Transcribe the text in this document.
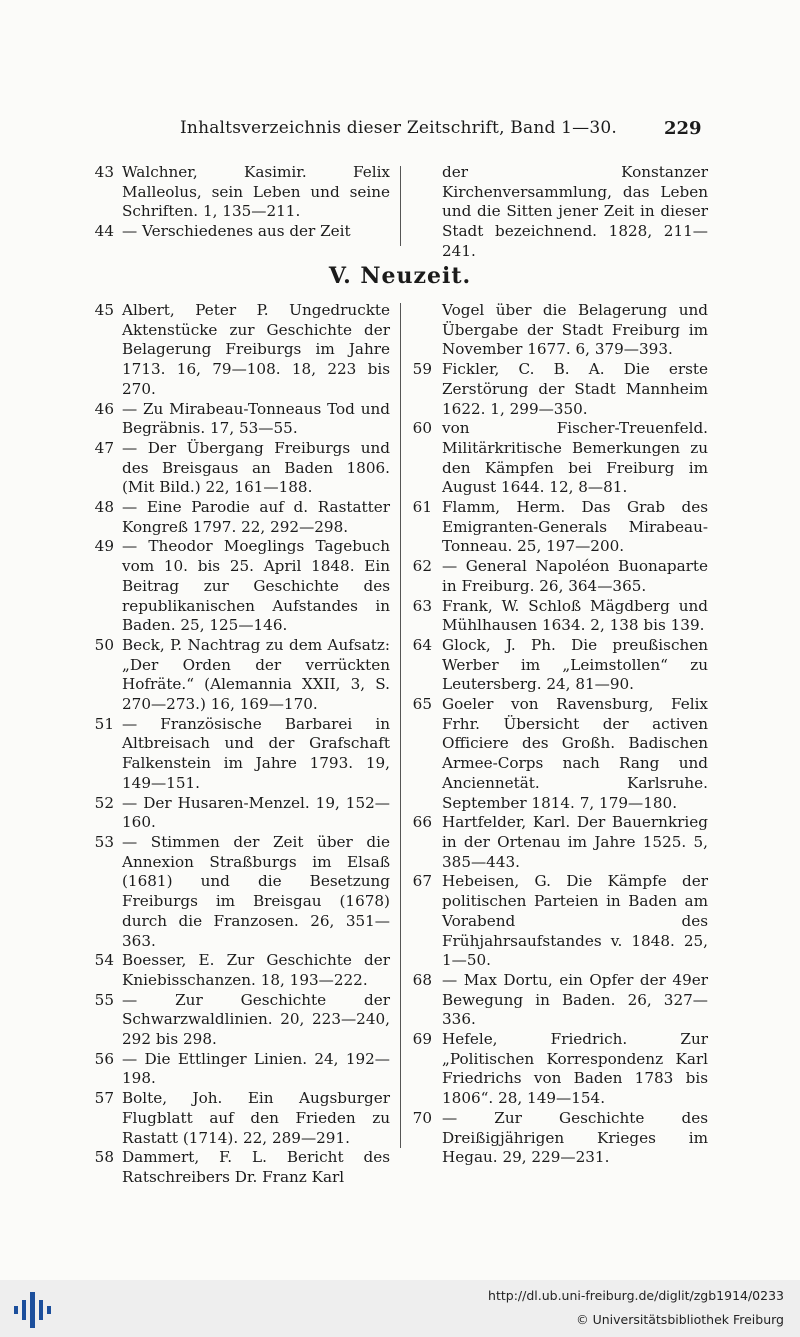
Inhaltsverzeichnis dieser Zeitschrift, Band 1—30.	229
43 Walchner, Kasimir. Felix Malleolus, sein Leben und seine Schriften. 1, 135—211.
44 — Verschiedenes aus der Zeit
der Konstanzer Kirchenversammlung, das Leben und die Sitten jener Zeit in dieser Stadt bezeichnend. 1828, 211—241.
V. Neuzeit.
45 Albert, Peter P. Ungedruckte Aktenstücke zur Geschichte der Belagerung Freiburgs im Jahre 1713. 16, 79—108. 18, 223 bis 270.
46 — Zu Mirabeau-Tonneaus Tod und Begräbnis. 17, 53—55.
47 — Der Übergang Freiburgs und des Breisgaus an Baden 1806. (Mit Bild.) 22, 161—188.
48 — Eine Parodie auf d. Rastatter Kongreß 1797. 22, 292—298.
49 — Theodor Moeglings Tagebuch vom 10. bis 25. April 1848. Ein Beitrag zur Geschichte des republikanischen Aufstandes in Baden. 25, 125—146.
50 Beck, P. Nachtrag zu dem Aufsatz: „Der Orden der verrückten Hofräte.“ (Alemannia XXII, 3, S. 270—273.) 16, 169—170.
51 — Französische Barbarei in Altbreisach und der Grafschaft Falkenstein im Jahre 1793. 19, 149—151.
52 — Der Husaren-Menzel. 19, 152—160.
53 — Stimmen der Zeit über die Annexion Straßburgs im Elsaß (1681) und die Besetzung Freiburgs im Breisgau (1678) durch die Franzosen. 26, 351—363.
54 Boesser, E. Zur Geschichte der Kniebisschanzen. 18, 193—222.
55 — Zur Geschichte der Schwarzwaldlinien. 20, 223—240, 292 bis 298.
56 — Die Ettlinger Linien. 24, 192—198.
57 Bolte, Joh. Ein Augsburger Flugblatt auf den Frieden zu Rastatt (1714). 22, 289—291.
58 Dammert, F. L. Bericht des Ratschreibers Dr. Franz Karl
Vogel über die Belagerung und Übergabe der Stadt Freiburg im November 1677. 6, 379—393.
59 Fickler, C. B. A. Die erste Zerstörung der Stadt Mannheim 1622. 1, 299—350.
60 von Fischer-Treuenfeld. Militärkritische Bemerkungen zu den Kämpfen bei Freiburg im August 1644. 12, 8—81.
61 Flamm, Herm. Das Grab des Emigranten-Generals Mirabeau-Tonneau. 25, 197—200.
62 — General Napoléon Buonaparte in Freiburg. 26, 364—365.
63 Frank, W. Schloß Mägdberg und Mühlhausen 1634. 2, 138 bis 139.
64 Glock, J. Ph. Die preußischen Werber im „Leimstollen“ zu Leutersberg. 24, 81—90.
65 Goeler von Ravensburg, Felix Frhr. Übersicht der activen Officiere des Großh. Badischen Armee-Corps nach Rang und Anciennetät. Karlsruhe. September 1814. 7, 179—180.
66 Hartfelder, Karl. Der Bauernkrieg in der Ortenau im Jahre 1525. 5, 385—443.
67 Hebeisen, G. Die Kämpfe der politischen Parteien in Baden am Vorabend des Frühjahrsaufstandes v. 1848. 25, 1—50.
68 — Max Dortu, ein Opfer der 49er Bewegung in Baden. 26, 327—336.
69 Hefele, Friedrich. Zur „Politischen Korrespondenz Karl Friedrichs von Baden 1783 bis 1806“. 28, 149—154.
70 — Zur Geschichte des Dreißigjährigen Krieges im Hegau. 29, 229—231.
http://dl.ub.uni-freiburg.de/diglit/zgb1914/0233
© Universitätsbibliothek Freiburg
